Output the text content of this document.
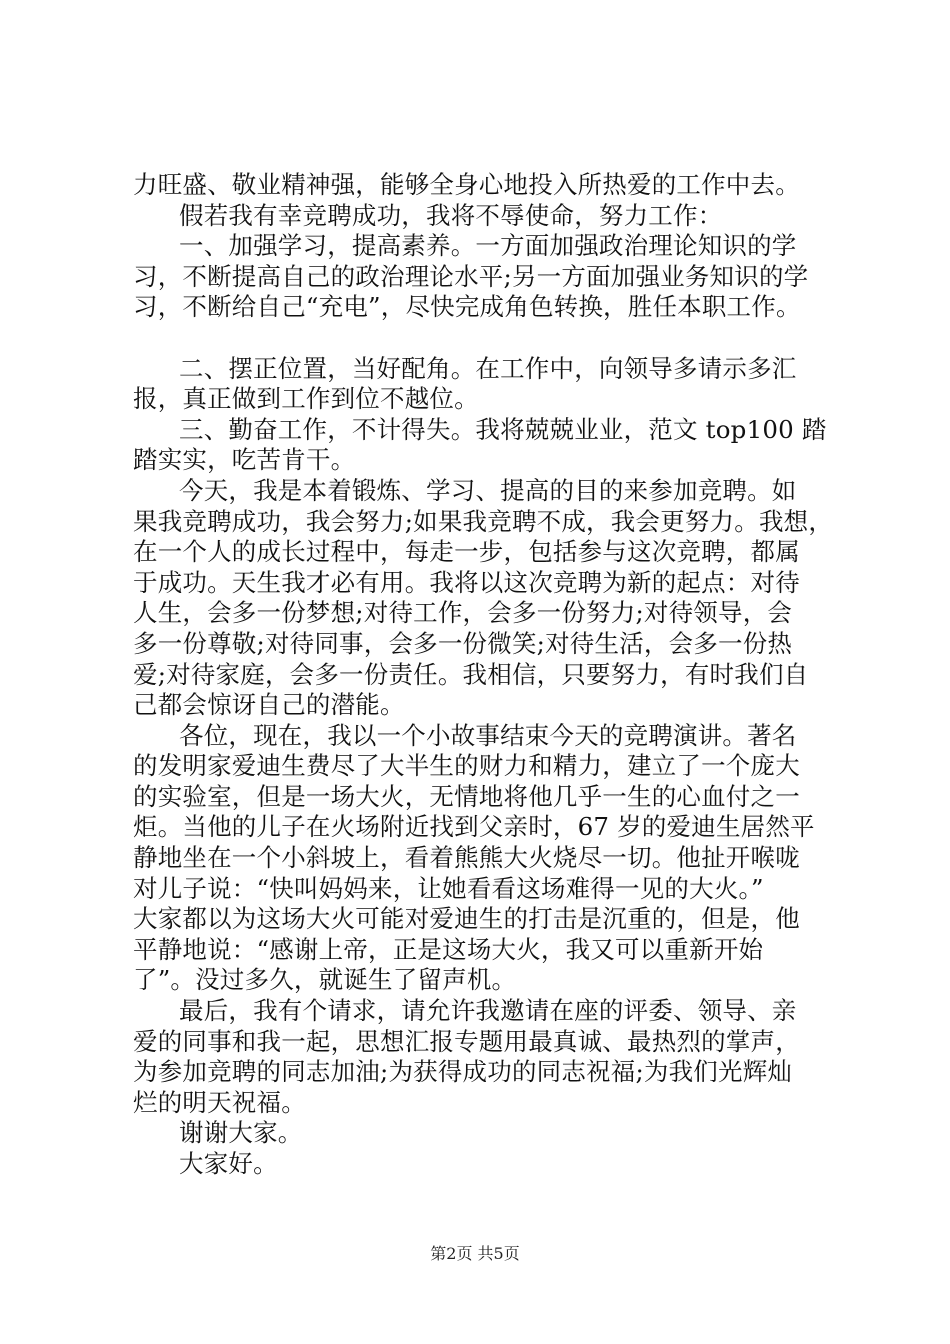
力旺盛、敬业精神强，能够全身心地投入所热爱的工作中去。
假若我有幸竞聘成功，我将不辱使命，努力工作：
一、加强学习，提高素养。一方面加强政治理论知识的学
习，不断提高自己的政治理论水平;另一方面加强业务知识的学
习，不断给自己“充电”，尽快完成角色转换，胜任本职工作。
二、摆正位置，当好配角。在工作中，向领导多请示多汇
报，真正做到工作到位不越位。
三、勤奋工作，不计得失。我将兢兢业业，范文 top100 踏
踏实实，吃苦肯干。
今天，我是本着锻炼、学习、提高的目的来参加竞聘。如
果我竞聘成功，我会努力;如果我竞聘不成，我会更努力。我想，
在一个人的成长过程中，每走一步，包括参与这次竞聘，都属
于成功。天生我才必有用。我将以这次竞聘为新的起点：对待
人生，会多一份梦想;对待工作，会多一份努力;对待领导，会
多一份尊敬;对待同事，会多一份微笑;对待生活，会多一份热
爱;对待家庭，会多一份责任。我相信，只要努力，有时我们自
己都会惊讶自己的潜能。
各位，现在，我以一个小故事结束今天的竞聘演讲。著名
的发明家爱迪生费尽了大半生的财力和精力，建立了一个庞大
的实验室，但是一场大火，无情地将他几乎一生的心血付之一
炬。当他的儿子在火场附近找到父亲时，67 岁的爱迪生居然平
静地坐在一个小斜坡上，看着熊熊大火烧尽一切。他扯开喉咙
对儿子说：“快叫妈妈来，让她看看这场难得一见的大火。”
大家都以为这场大火可能对爱迪生的打击是沉重的，但是，他
平静地说：“感谢上帝，正是这场大火，我又可以重新开始
了”。没过多久，就诞生了留声机。
最后，我有个请求，请允许我邀请在座的评委、领导、亲
爱的同事和我一起，思想汇报专题用最真诚、最热烈的掌声，
为参加竞聘的同志加油;为获得成功的同志祝福;为我们光辉灿
烂的明天祝福。
谢谢大家。
大家好。
第2页 共5页
